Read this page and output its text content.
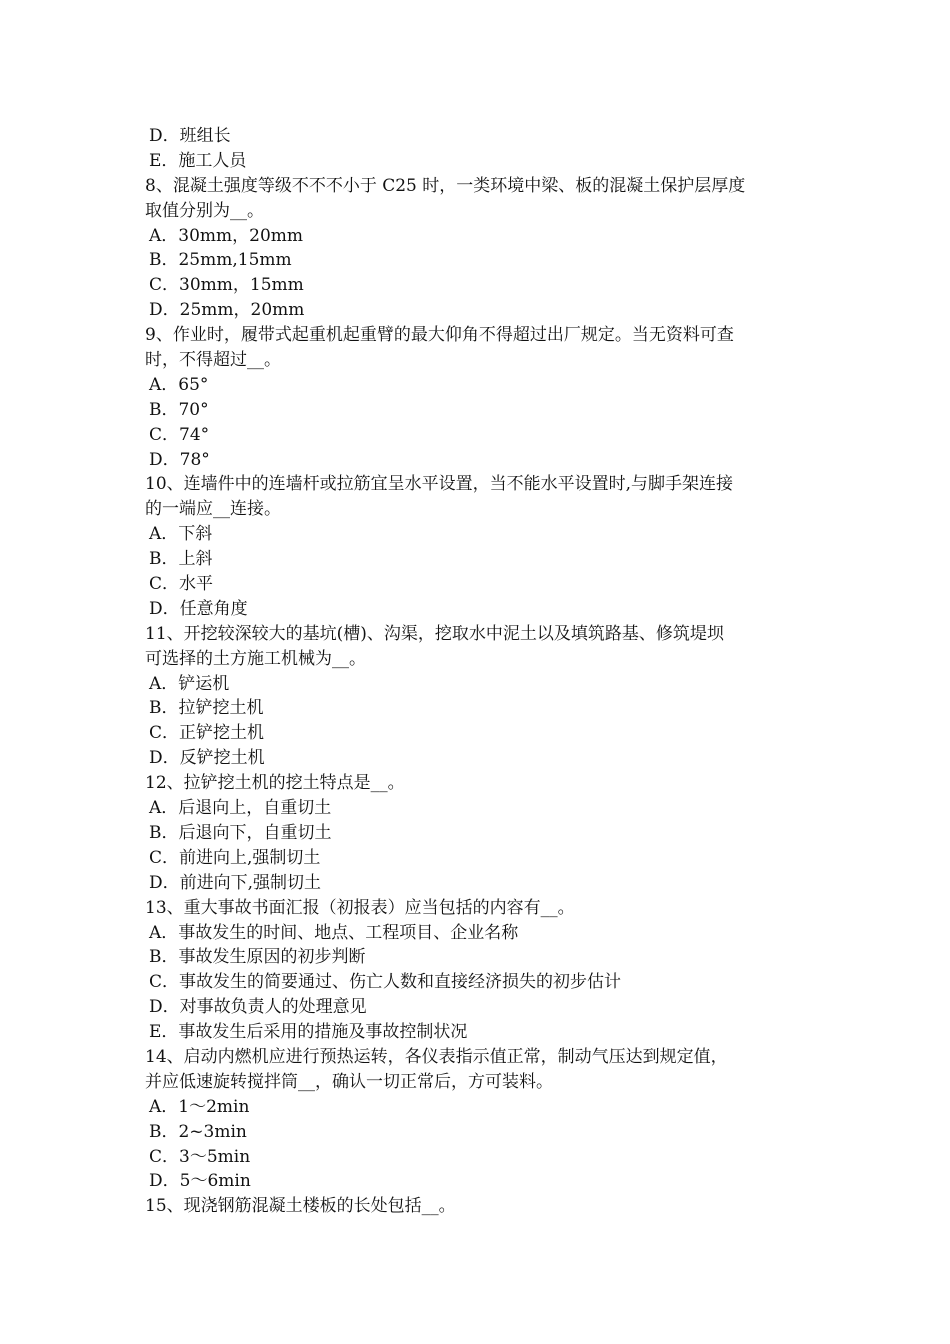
D．班组长
E．施工人员
8、混凝土强度等级不不不小于 C25 时，一类环境中梁、板的混凝土保护层厚度
取值分别为__。
A．30mm，20mm
B．25mm,15mm
C．30mm，15mm
D．25mm，20mm
9、作业时，履带式起重机起重臂的最大仰角不得超过出厂规定。当无资料可查
时，不得超过__。
A．65°
B．70°
C．74°
D．78°
10、连墙件中的连墙杆或拉筋宜呈水平设置，当不能水平设置时,与脚手架连接
的一端应__连接。
A．下斜
B．上斜
C．水平
D．任意角度
11、开挖较深较大的基坑(槽)、沟渠，挖取水中泥土以及填筑路基、修筑堤坝
可选择的土方施工机械为__。
A．铲运机
B．拉铲挖土机
C．正铲挖土机
D．反铲挖土机
12、拉铲挖土机的挖土特点是__。
A．后退向上，自重切土
B．后退向下，自重切土
C．前进向上,强制切土
D．前进向下,强制切土
13、重大事故书面汇报（初报表）应当包括的内容有__。
A．事故发生的时间、地点、工程项目、企业名称
B．事故发生原因的初步判断
C．事故发生的简要通过、伤亡人数和直接经济损失的初步估计
D．对事故负责人的处理意见
E．事故发生后采用的措施及事故控制状况
14、启动内燃机应进行预热运转，各仪表指示值正常，制动气压达到规定值，
并应低速旋转搅拌筒__，确认一切正常后，方可装料。
A．1～2min
B．2~3min
C．3～5min
D．5～6min
15、现浇钢筋混凝土楼板的长处包括__。
